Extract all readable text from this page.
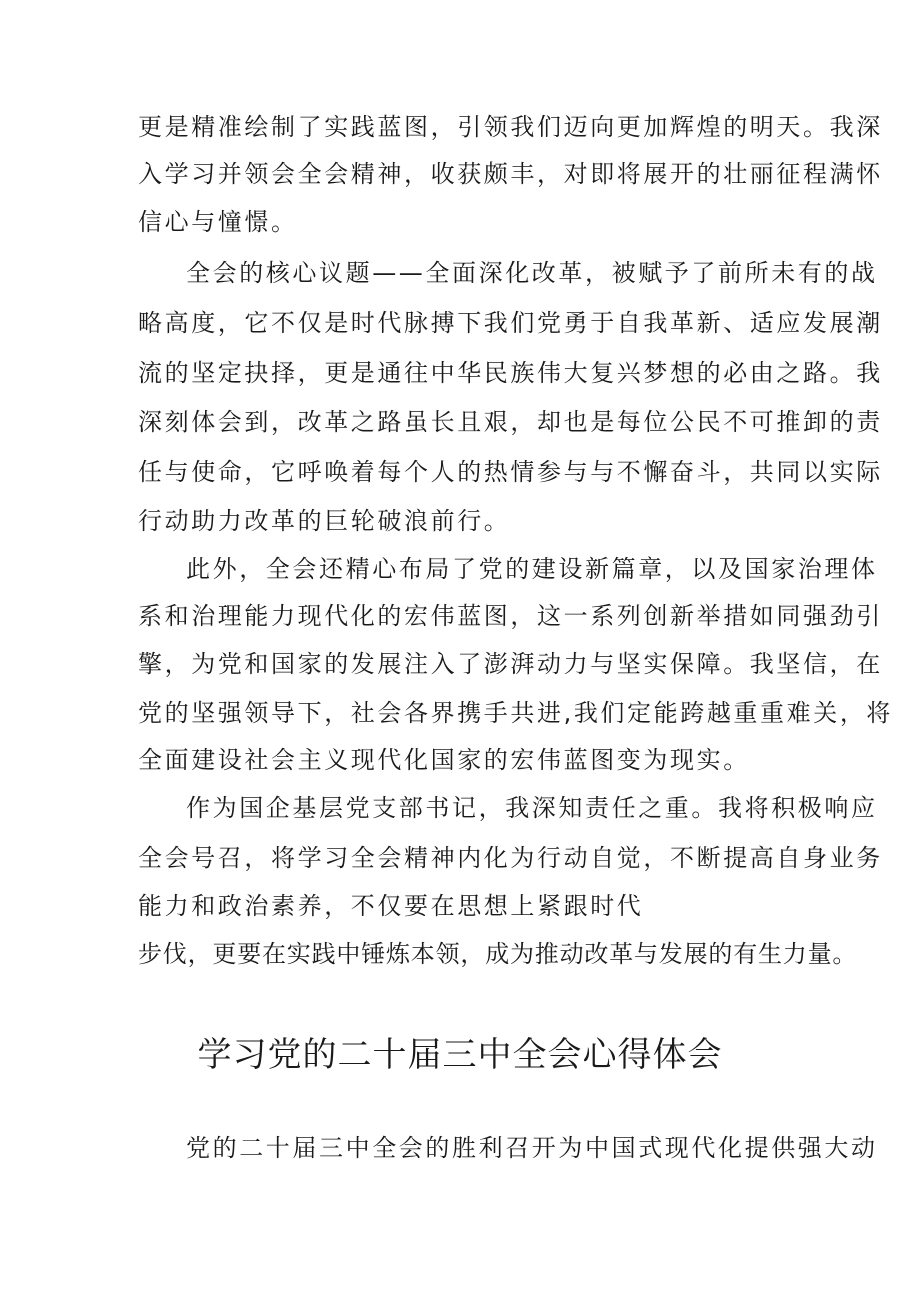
更是精准绘制了实践蓝图，引领我们迈向更加辉煌的明天。我深
入学习并领会全会精神，收获颇丰，对即将展开的壮丽征程满怀
信心与憧憬。
全会的核心议题——全面深化改革，被赋予了前所未有的战
略高度，它不仅是时代脉搏下我们党勇于自我革新、适应发展潮
流的坚定抉择，更是通往中华民族伟大复兴梦想的必由之路。我
深刻体会到，改革之路虽长且艰，却也是每位公民不可推卸的责
任与使命，它呼唤着每个人的热情参与与不懈奋斗，共同以实际
行动助力改革的巨轮破浪前行。
此外，全会还精心布局了党的建设新篇章，以及国家治理体
系和治理能力现代化的宏伟蓝图，这一系列创新举措如同强劲引
擎，为党和国家的发展注入了澎湃动力与坚实保障。我坚信，在
党的坚强领导下，社会各界携手共进,我们定能跨越重重难关，将
全面建设社会主义现代化国家的宏伟蓝图变为现实。
作为国企基层党支部书记，我深知责任之重。我将积极响应
全会号召，将学习全会精神内化为行动自觉，不断提高自身业务
能力和政治素养，不仅要在思想上紧跟时代
步伐，更要在实践中锤炼本领，成为推动改革与发展的有生力量。
学习党的二十届三中全会心得体会
党的二十届三中全会的胜利召开为中国式现代化提供强大动
